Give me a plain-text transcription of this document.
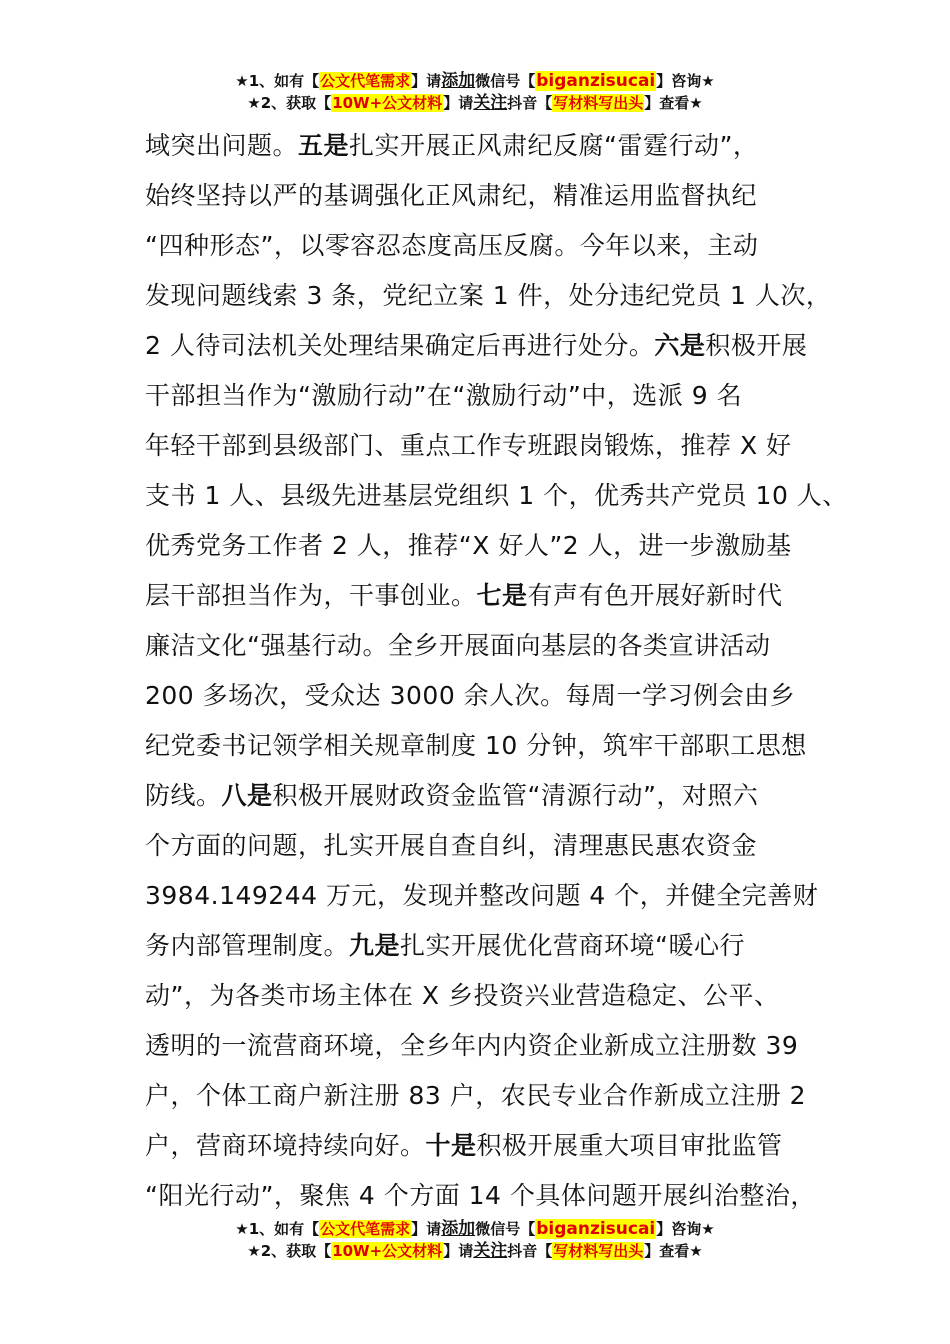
★1、如有【公文代笔需求】请添加微信号【biganzisucai】咨询★
★2、获取【10W+公文材料】请关注抖音【写材料写出头】查看★
域突出问题。五是扎实开展正风肃纪反腐“雷霆行动”，
始终坚持以严的基调强化正风肃纪，精准运用监督执纪
“四种形态”，以零容忍态度高压反腐。今年以来，主动
发现问题线索 3 条，党纪立案 1 件，处分违纪党员 1 人次，
2 人待司法机关处理结果确定后再进行处分。六是积极开展
干部担当作为“激励行动”在“激励行动”中，选派 9 名
年轻干部到县级部门、重点工作专班跟岗锻炼，推荐 X 好
支书 1 人、县级先进基层党组织 1 个，优秀共产党员 10 人、
优秀党务工作者 2 人，推荐“X 好人”2 人，进一步激励基
层干部担当作为，干事创业。七是有声有色开展好新时代
廉洁文化“强基行动。全乡开展面向基层的各类宣讲活动
200 多场次，受众达 3000 余人次。每周一学习例会由乡
纪党委书记领学相关规章制度 10 分钟，筑牢干部职工思想
防线。八是积极开展财政资金监管“清源行动”，对照六
个方面的问题，扎实开展自查自纠，清理惠民惠农资金
3984.149244 万元，发现并整改问题 4 个，并健全完善财
务内部管理制度。九是扎实开展优化营商环境“暖心行
动”，为各类市场主体在 X 乡投资兴业营造稳定、公平、
透明的一流营商环境，全乡年内内资企业新成立注册数 39
户，个体工商户新注册 83 户，农民专业合作新成立注册 2
户，营商环境持续向好。十是积极开展重大项目审批监管
“阳光行动”，聚焦 4 个方面 14 个具体问题开展纠治整治，
★1、如有【公文代笔需求】请添加微信号【biganzisucai】咨询★
★2、获取【10W+公文材料】请关注抖音【写材料写出头】查看★
